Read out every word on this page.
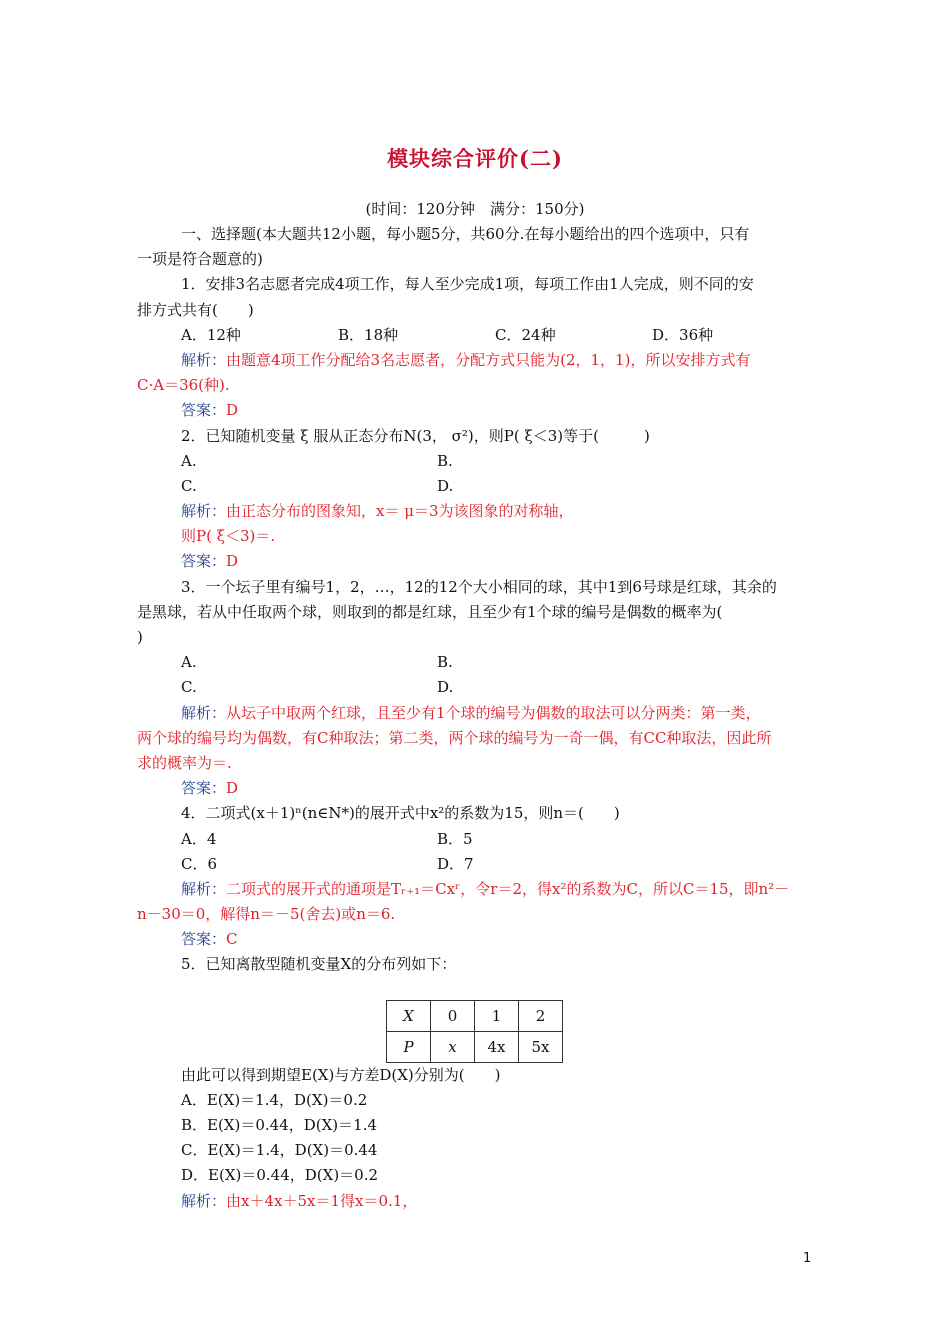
模块综合评价(二)
(时间：120分钟　满分：150分)
一、选择题(本大题共12小题，每小题5分，共60分.在每小题给出的四个选项中，只有
一项是符合题意的)
1．安排3名志愿者完成4项工作，每人至少完成1项，每项工作由1人完成，则不同的安
排方式共有(　　)
A．12种	B．18种	C．24种	D．36种
解析：由题意4项工作分配给3名志愿者，分配方式只能为(2，1，1)，所以安排方式有
C·A＝36(种).
答案：D
2．已知随机变量 ξ 服从正态分布N(3， σ²)，则P( ξ＜3)等于(　　　)
A.	B.
C.	D.
解析：由正态分布的图象知，x＝ μ＝3为该图象的对称轴，
则P( ξ＜3)＝.
答案：D
3．一个坛子里有编号1，2，…，12的12个大小相同的球，其中1到6号球是红球，其余的
是黑球，若从中任取两个球，则取到的都是红球，且至少有1个球的编号是偶数的概率为(
)
A.	B.
C.	D.
解析：从坛子中取两个红球，且至少有1个球的编号为偶数的取法可以分两类：第一类，
两个球的编号均为偶数，有C种取法；第二类，两个球的编号为一奇一偶，有CC种取法，因此所
求的概率为＝.
答案：D
4．二项式(x＋1)ⁿ(n∈N*)的展开式中x²的系数为15，则n＝(　　)
A．4	B．5
C．6	D．7
解析：二项式的展开式的通项是Tᵣ₊₁＝Cxʳ，令r＝2，得x²的系数为C，所以C＝15，即n²－
n－30＝0，解得n＝－5(舍去)或n＝6.
答案：C
5．已知离散型随机变量X的分布列如下：
X	0	1	2
P	x	4x	5x
由此可以得到期望E(X)与方差D(X)分别为(　　)
A．E(X)＝1.4，D(X)＝0.2
B．E(X)＝0.44，D(X)＝1.4
C．E(X)＝1.4，D(X)＝0.44
D．E(X)＝0.44，D(X)＝0.2
解析：由x＋4x＋5x＝1得x＝0.1，
1
